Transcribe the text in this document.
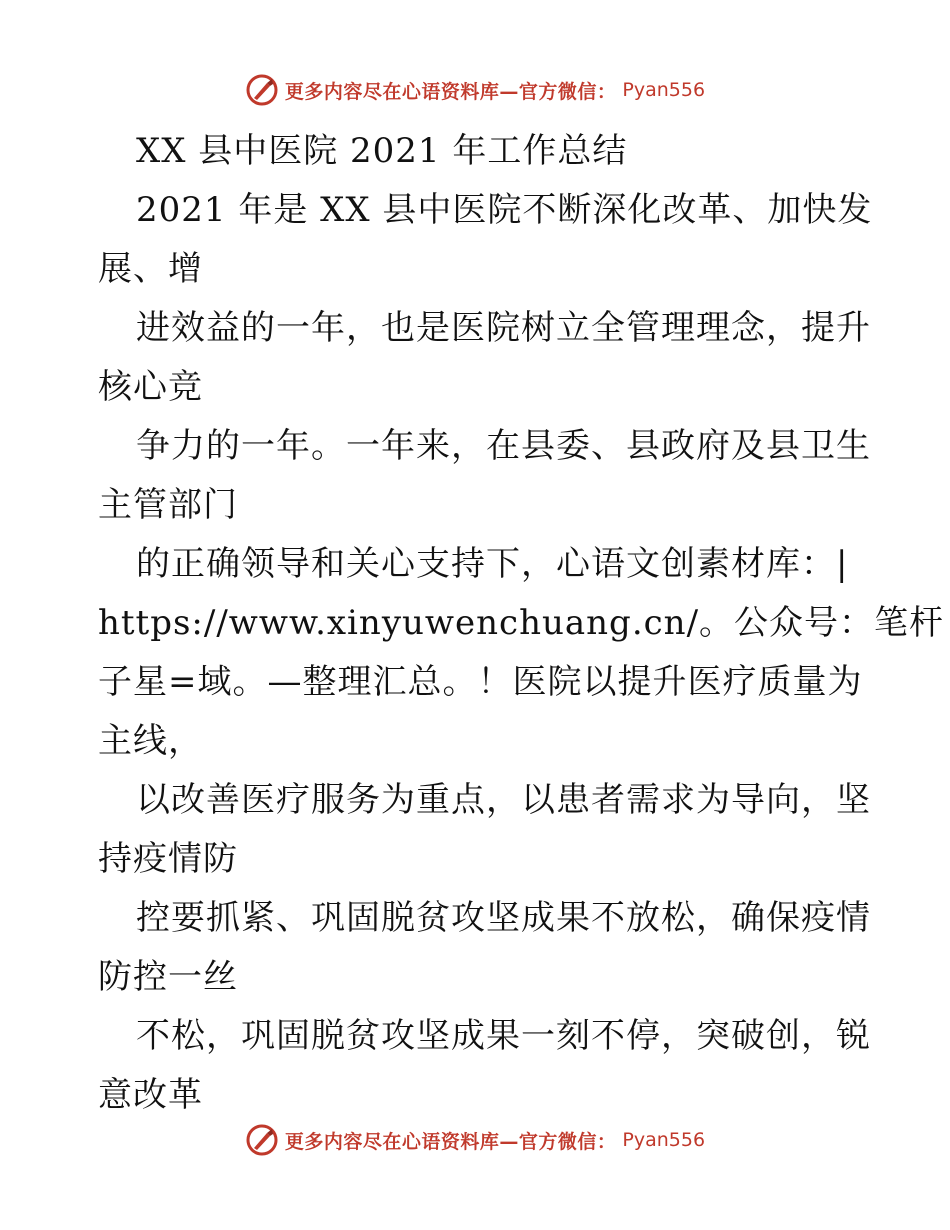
更多内容尽在心语资料库—官方微信： Pyan556
XX 县中医院 2021 年工作总结
2021 年是 XX 县中医院不断深化改革、加快发
展、增
进效益的一年，也是医院树立全管理理念，提升
核心竞
争力的一年。一年来，在县委、县政府及县卫生
主管部门
的正确领导和关心支持下，心语文创素材库：|
https://www.xinyuwenchuang.cn/。公众号：笔杆
子星=域。—整理汇总。！医院以提升医疗质量为
主线，
以改善医疗服务为重点，以患者需求为导向，坚
持疫情防
控要抓紧、巩固脱贫攻坚成果不放松，确保疫情
防控一丝
不松，巩固脱贫攻坚成果一刻不停，突破创，锐
意改革
更多内容尽在心语资料库—官方微信： Pyan556
